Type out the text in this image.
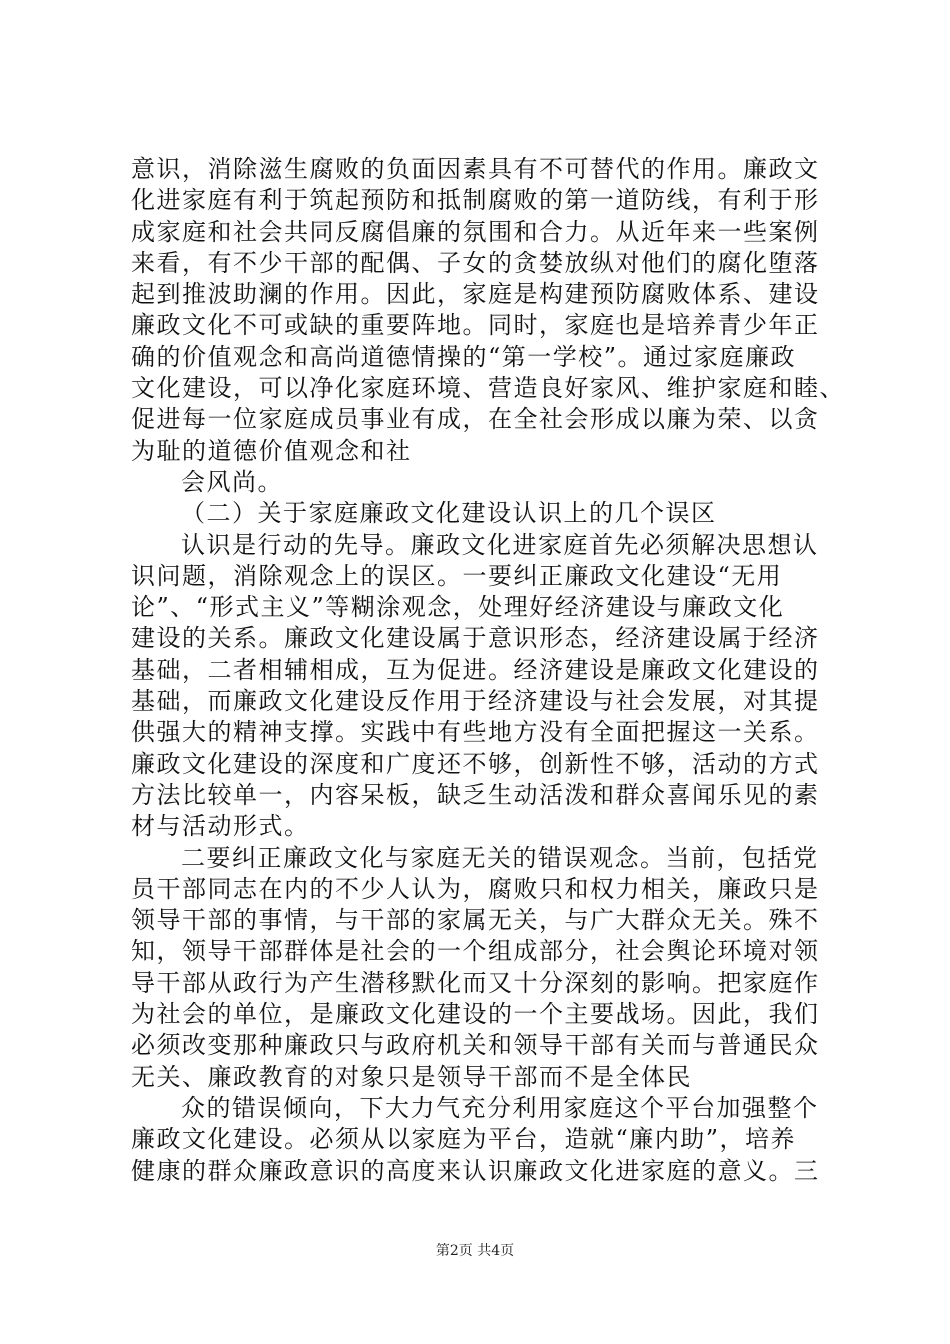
意识，消除滋生腐败的负面因素具有不可替代的作用。廉政文
化进家庭有利于筑起预防和抵制腐败的第一道防线，有利于形
成家庭和社会共同反腐倡廉的氛围和合力。从近年来一些案例
来看，有不少干部的配偶、子女的贪婪放纵对他们的腐化堕落
起到推波助澜的作用。因此，家庭是构建预防腐败体系、建设
廉政文化不可或缺的重要阵地。同时，家庭也是培养青少年正
确的价值观念和高尚道德情操的“第一学校”。通过家庭廉政
文化建设，可以净化家庭环境、营造良好家风、维护家庭和睦、
促进每一位家庭成员事业有成，在全社会形成以廉为荣、以贪
为耻的道德价值观念和社
会风尚。
（二）关于家庭廉政文化建设认识上的几个误区
认识是行动的先导。廉政文化进家庭首先必须解决思想认
识问题，消除观念上的误区。一要纠正廉政文化建设“无用
论”、“形式主义”等糊涂观念，处理好经济建设与廉政文化
建设的关系。廉政文化建设属于意识形态，经济建设属于经济
基础，二者相辅相成，互为促进。经济建设是廉政文化建设的
基础，而廉政文化建设反作用于经济建设与社会发展，对其提
供强大的精神支撑。实践中有些地方没有全面把握这一关系。
廉政文化建设的深度和广度还不够，创新性不够，活动的方式
方法比较单一，内容呆板，缺乏生动活泼和群众喜闻乐见的素
材与活动形式。
二要纠正廉政文化与家庭无关的错误观念。当前，包括党
员干部同志在内的不少人认为，腐败只和权力相关，廉政只是
领导干部的事情，与干部的家属无关，与广大群众无关。殊不
知，领导干部群体是社会的一个组成部分，社会舆论环境对领
导干部从政行为产生潜移默化而又十分深刻的影响。把家庭作
为社会的单位，是廉政文化建设的一个主要战场。因此，我们
必须改变那种廉政只与政府机关和领导干部有关而与普通民众
无关、廉政教育的对象只是领导干部而不是全体民
众的错误倾向，下大力气充分利用家庭这个平台加强整个
廉政文化建设。必须从以家庭为平台，造就“廉内助”，培养
健康的群众廉政意识的高度来认识廉政文化进家庭的意义。三
第2页 共4页
